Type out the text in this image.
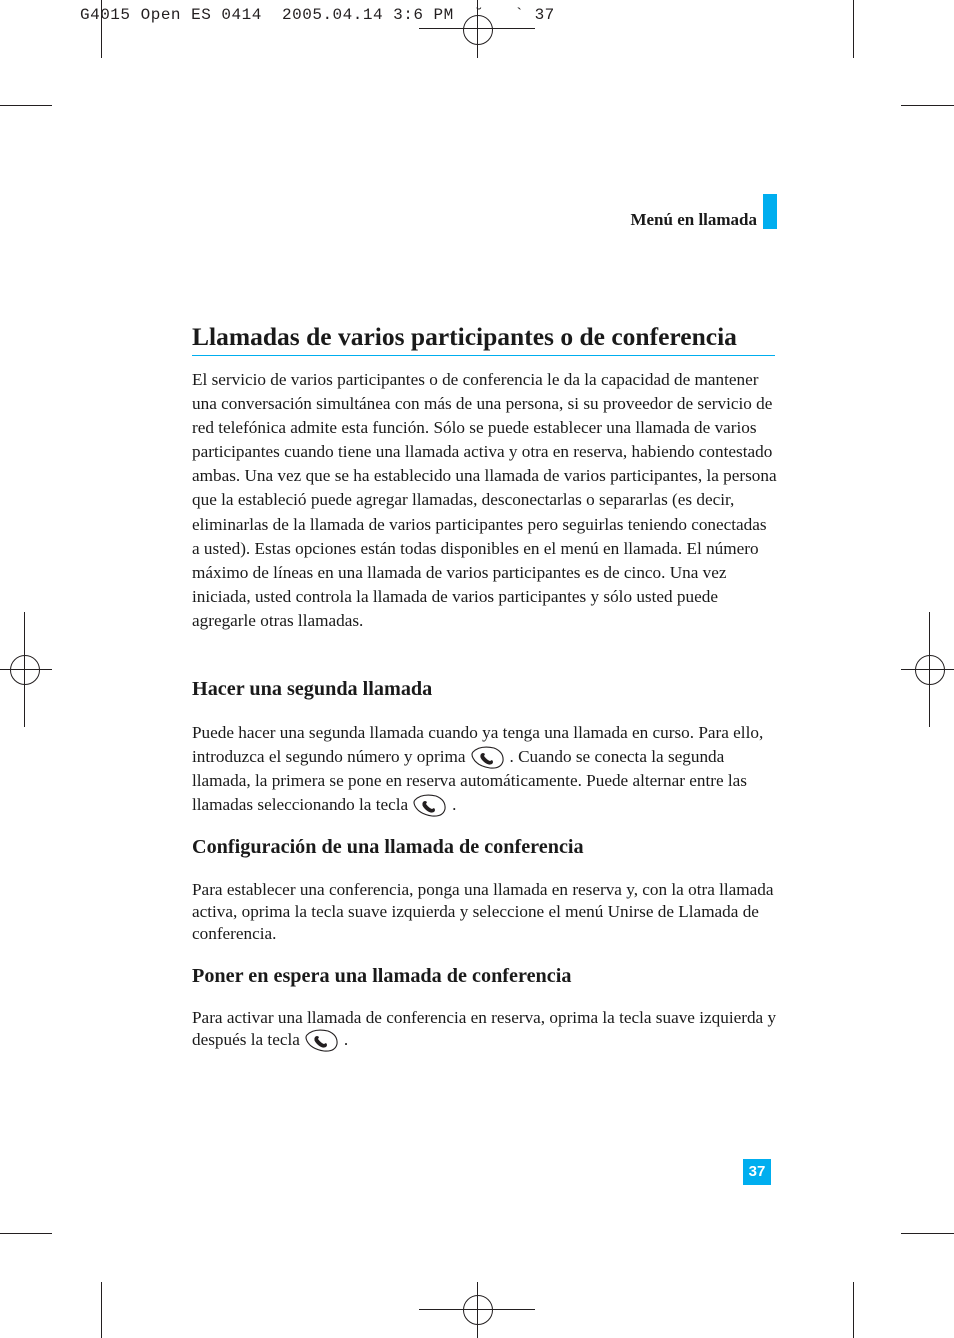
G4015 Open ES 0414  2005.04.14 3:6 PM  ˘   ` 37
Menú en llamada
Llamadas de varios participantes o de conferencia

El servicio de varios participantes o de conferencia le da la capacidad de mantener una conversación simultánea con más de una persona, si su proveedor de servicio de red telefónica admite esta función. Sólo se puede establecer una llamada de varios participantes cuando tiene una llamada activa y otra en reserva, habiendo contestado ambas. Una vez que se ha establecido una llamada de varios participantes, la persona que la estableció puede agregar llamadas, desconectarlas o separarlas (es decir, eliminarlas de la llamada de varios participantes pero seguirlas teniendo conectadas a usted). Estas opciones están todas disponibles en el menú en llamada. El número máximo de líneas en una llamada de varios participantes es de cinco. Una vez iniciada, usted controla la llamada de varios participantes y sólo usted puede agregarle otras llamadas.

Hacer una segunda llamada

Puede hacer una segunda llamada cuando ya tenga una llamada en curso. Para ello, introduzca el segundo número y oprima	. Cuando se conecta la segunda llamada, la primera se pone en reserva automáticamente. Puede alternar entre las llamadas seleccionando la tecla	.

Configuración de una llamada de conferencia

Para establecer una conferencia, ponga una llamada en reserva y, con la otra llamada activa, oprima la tecla suave izquierda y seleccione el menú Unirse de Llamada de conferencia.

Poner en espera una llamada de conferencia

Para activar una llamada de conferencia en reserva, oprima la tecla suave izquierda y después la tecla	.

37
